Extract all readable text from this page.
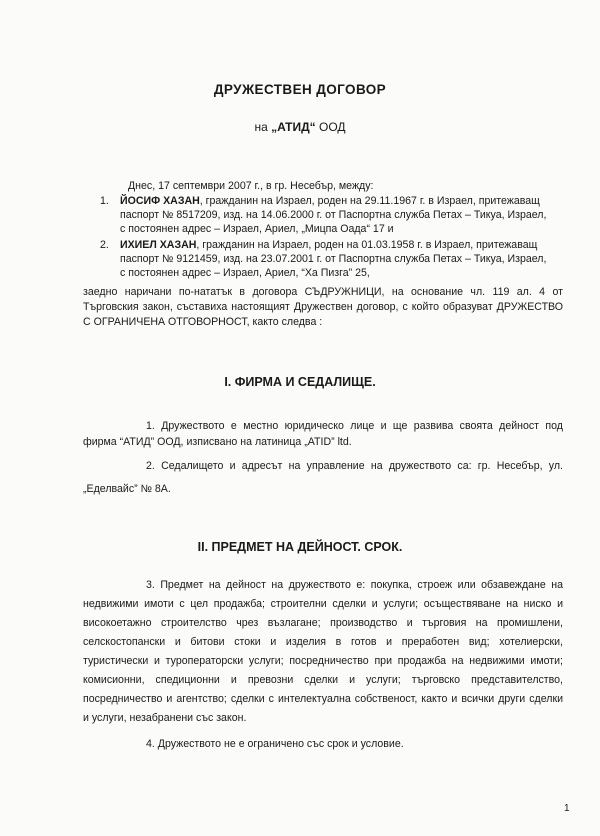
ДРУЖЕСТВЕН ДОГОВОР
на „АТИД“ ООД
Днес, 17 септември 2007 г., в гр. Несебър, между:
1. ЙОСИФ ХАЗАН, гражданин на Израел, роден на 29.11.1967 г. в Израел, притежаващ
паспорт № 8517209, изд. на 14.06.2000 г. от Паспортна служба Петах – Тикуа, Израел,
с постоянен адрес – Израел, Ариел, „Мицпа Оада“ 17 и
2. ИХИЕЛ ХАЗАН, гражданин на Израел, роден на 01.03.1958 г. в Израел, притежаващ
паспорт № 9121459, изд. на 23.07.2001 г. от Паспортна служба Петах – Тикуа, Израел,
с постоянен адрес – Израел, Ариел, “Ха Пизга” 25,
заедно наричани по-нататък в договора СЪДРУЖНИЦИ, на основание чл. 119 ал. 4 от
Търговския закон, съставиха настоящият Дружествен договор, с който образуват ДРУЖЕСТВО
С ОГРАНИЧЕНА ОТГОВОРНОСТ, както следва :
I. ФИРМА И СЕДАЛИЩЕ.
1. Дружеството е местно юридическо лице и ще развива своята дейност под
фирма “АТИД” ООД, изписвано на латиница „ATID” ltd.
2. Седалището и адресът на управление на дружеството са: гр. Несебър, ул.
„Еделвайс” № 8А.
II. ПРЕДМЕТ НА ДЕЙНОСТ. СРОК.
3. Предмет на дейност на дружеството е: покупка, строеж или обзавеждане на
недвижими имоти с цел продажба; строителни сделки и услуги; осъществяване на ниско и
високоетажно строителство чрез възлагане; производство и търговия на промишлени,
селскостопански и битови стоки и изделия в готов и преработен вид; хотелиерски,
туристически и туроператорски услуги; посредничество при продажба на недвижими имоти;
комисионни, спедиционни и превозни сделки и услуги; търговско представителство,
посредничество и агентство; сделки с интелектуална собственост, както и всички други сделки
и услуги, незабранени със закон.
4. Дружеството не е ограничено със срок и условие.
1
